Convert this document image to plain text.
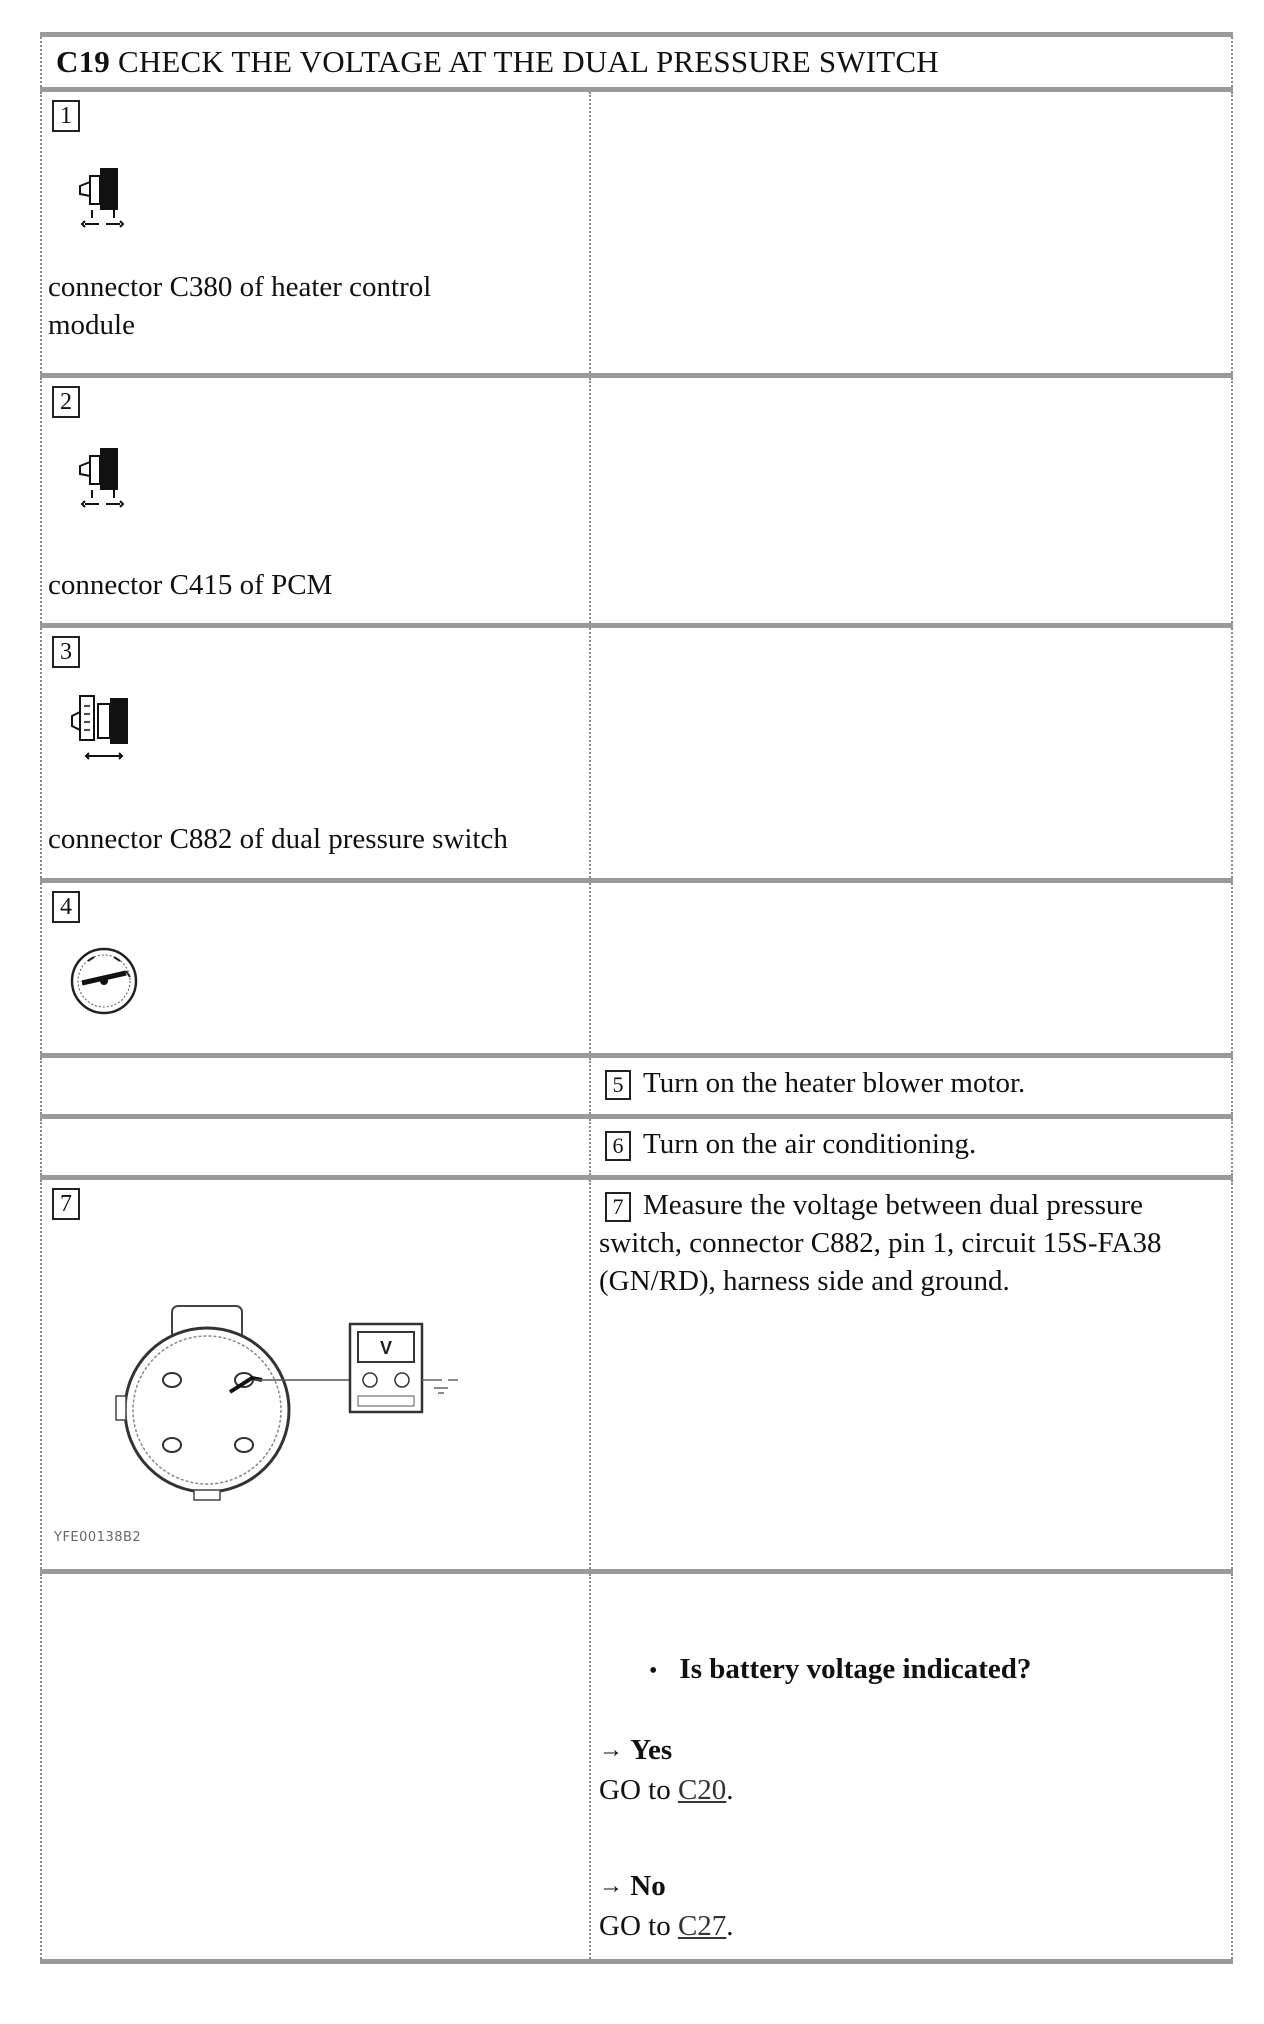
C19 CHECK THE VOLTAGE AT THE DUAL PRESSURE SWITCH	

1
connector C380 of heater control module	

2
connector C415 of PCM	

3
connector C882 of dual pressure switch	

4	

	5 Turn on the heater blower motor.

	6 Turn on the air conditioning.

7
V
YFE00138B2	7 Measure the voltage between dual pressure switch, connector C882, pin 1, circuit 15S-FA38 (GN/RD), harness side and ground.

	• Is battery voltage indicated?
→ Yes
GO to C20.
→ No
GO to C27.
